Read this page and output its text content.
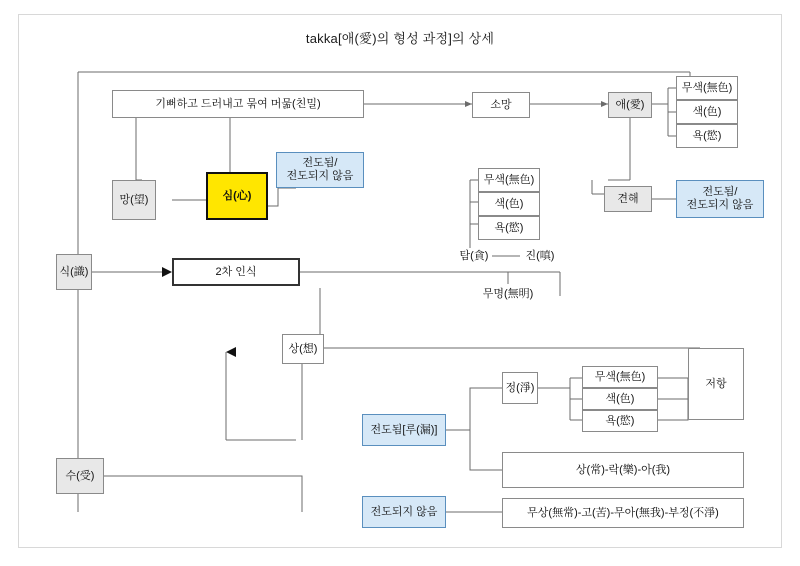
takka[애(愛)의 형성 과정]의 상세
기뻐하고 드러내고 묶여 머묾(친밀)	소망	애(愛)
무색(無色)
색(色)
욕(慾)
전도됨/
전도되지 않음
망(望)	심(心)
무색(無色)
색(色)
욕(慾)
견해
전도됨/
전도되지 않음
탐(貪)	진(嗔)
식(識)	2차 인식
무명(無明)
상(想)
수(受)
전도됨[루(漏)]
전도되지 않음
정(淨)
무색(無色)
색(色)
욕(慾)
저항
상(常)-락(樂)-아(我)
무상(無常)-고(苦)-무아(無我)-부정(不淨)
